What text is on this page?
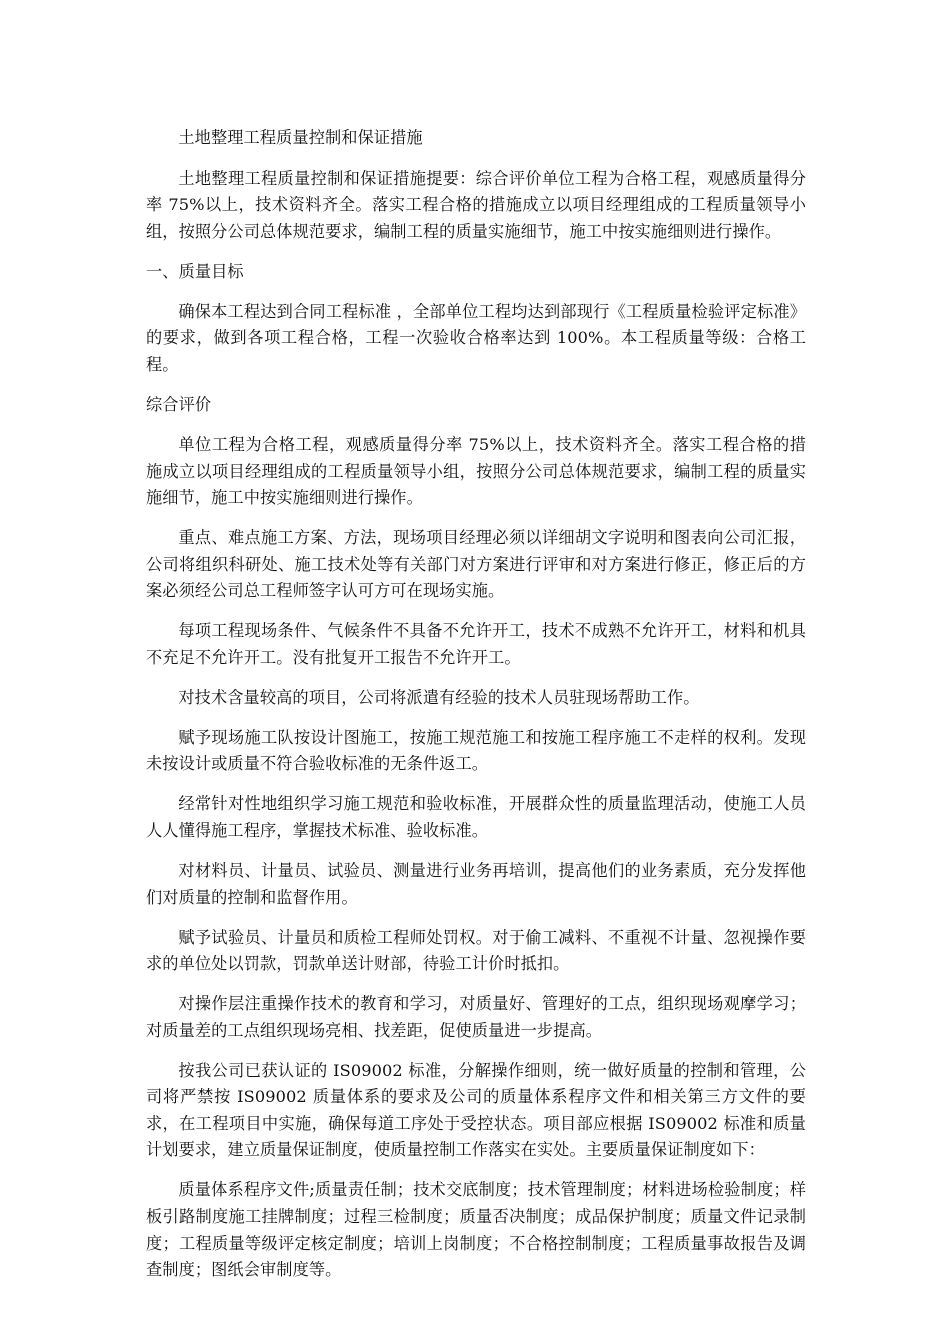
土地整理工程质量控制和保证措施

土地整理工程质量控制和保证措施提要：综合评价单位工程为合格工程，观感质量得分率 75%以上，技术资料齐全。落实工程合格的措施成立以项目经理组成的工程质量领导小组，按照分公司总体规范要求，编制工程的质量实施细节，施工中按实施细则进行操作。

一、质量目标

确保本工程达到合同工程标准 ，全部单位工程均达到部现行《工程质量检验评定标准》的要求，做到各项工程合格，工程一次验收合格率达到 100%。本工程质量等级：合格工程。

综合评价

单位工程为合格工程，观感质量得分率 75%以上，技术资料齐全。落实工程合格的措施成立以项目经理组成的工程质量领导小组，按照分公司总体规范要求，编制工程的质量实施细节，施工中按实施细则进行操作。

重点、难点施工方案、方法，现场项目经理必须以详细胡文字说明和图表向公司汇报，公司将组织科研处、施工技术处等有关部门对方案进行评审和对方案进行修正，修正后的方案必须经公司总工程师签字认可方可在现场实施。

每项工程现场条件、气候条件不具备不允许开工，技术不成熟不允许开工，材料和机具不充足不允许开工。没有批复开工报告不允许开工。

对技术含量较高的项目，公司将派遣有经验的技术人员驻现场帮助工作。

赋予现场施工队按设计图施工，按施工规范施工和按施工程序施工不走样的权利。发现未按设计或质量不符合验收标准的无条件返工。

经常针对性地组织学习施工规范和验收标准，开展群众性的质量监理活动，使施工人员人人懂得施工程序，掌握技术标准、验收标准。

对材料员、计量员、试验员、测量进行业务再培训，提高他们的业务素质，充分发挥他们对质量的控制和监督作用。

赋予试验员、计量员和质检工程师处罚权。对于偷工减料、不重视不计量、忽视操作要求的单位处以罚款，罚款单送计财部，待验工计价时抵扣。

对操作层注重操作技术的教育和学习，对质量好、管理好的工点，组织现场观摩学习；对质量差的工点组织现场亮相、找差距，促使质量进一步提高。

按我公司已获认证的 IS09002 标准，分解操作细则，统一做好质量的控制和管理，公司将严禁按 IS09002 质量体系的要求及公司的质量体系程序文件和相关第三方文件的要求，在工程项目中实施，确保每道工序处于受控状态。项目部应根据 IS09002 标准和质量计划要求，建立质量保证制度，使质量控制工作落实在实处。主要质量保证制度如下：

质量体系程序文件;质量责任制；技术交底制度；技术管理制度；材料进场检验制度；样板引路制度施工挂牌制度；过程三检制度；质量否决制度；成品保护制度；质量文件记录制度；工程质量等级评定核定制度；培训上岗制度；不合格控制制度；工程质量事故报告及调查制度；图纸会审制度等。
